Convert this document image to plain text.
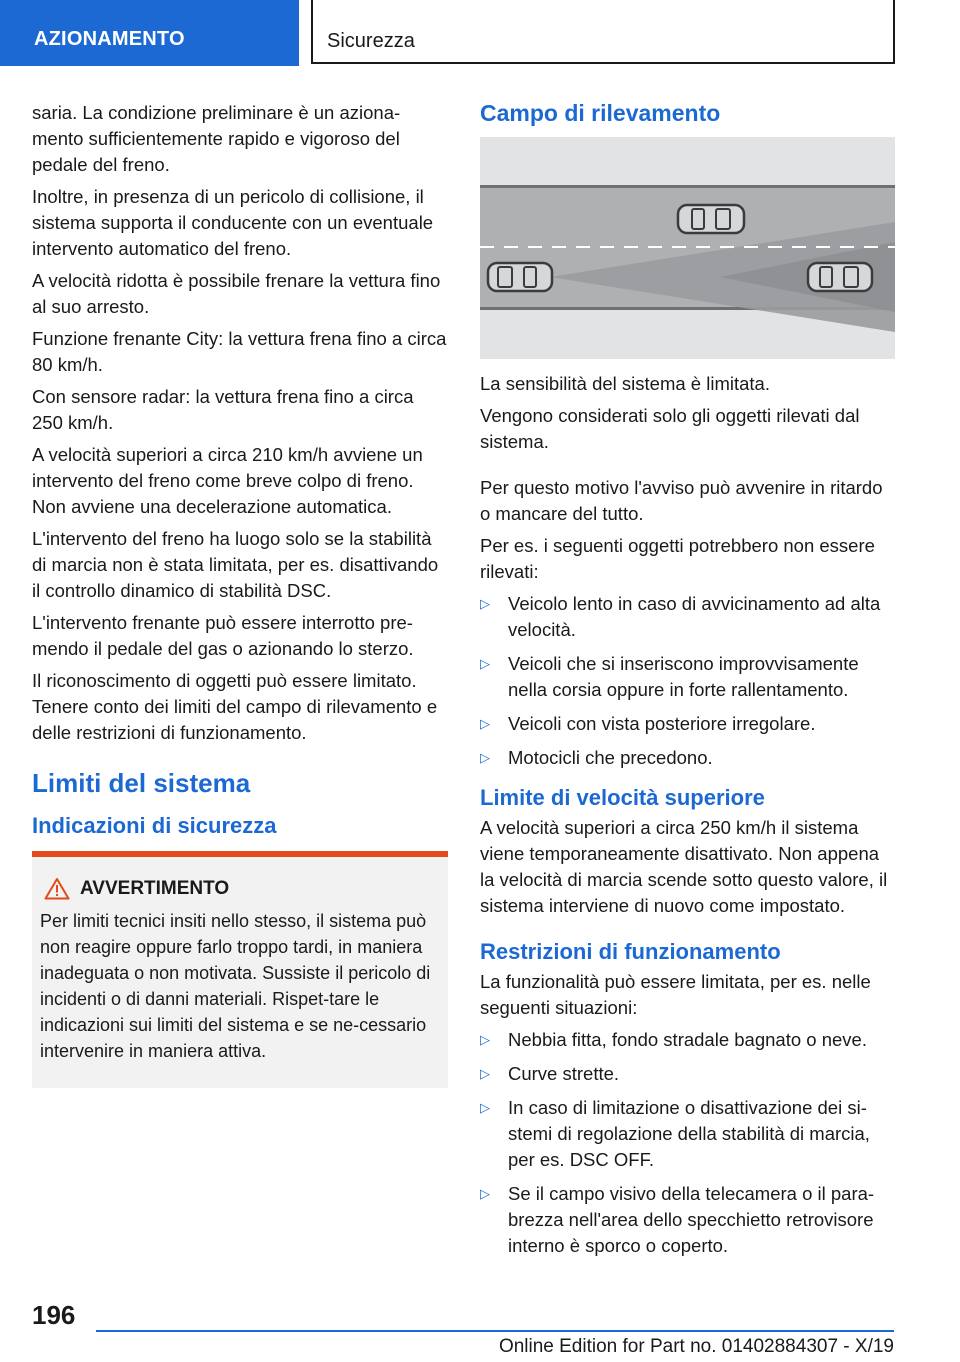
AZIONAMENTO	Sicurezza

saria. La condizione preliminare è un aziona-mento sufficientemente rapido e vigoroso del pedale del freno.

Inoltre, in presenza di un pericolo di collisione, il sistema supporta il conducente con un eventuale intervento automatico del freno.

A velocità ridotta è possibile frenare la vettura fino al suo arresto.

Funzione frenante City: la vettura frena fino a circa 80 km/h.

Con sensore radar: la vettura frena fino a circa 250 km/h.

A velocità superiori a circa 210 km/h avviene un intervento del freno come breve colpo di freno. Non avviene una decelerazione automatica.

L'intervento del freno ha luogo solo se la stabilità di marcia non è stata limitata, per es. disattivando il controllo dinamico di stabilità DSC.

L'intervento frenante può essere interrotto pre-mendo il pedale del gas o azionando lo sterzo.

Il riconoscimento di oggetti può essere limitato. Tenere conto dei limiti del campo di rilevamento e delle restrizioni di funzionamento.

Limiti del sistema
Indicazioni di sicurezza
AVVERTIMENTO

Per limiti tecnici insiti nello stesso, il sistema può non reagire oppure farlo troppo tardi, in maniera inadeguata o non motivata. Sussiste il pericolo di incidenti o di danni materiali. Rispet-tare le indicazioni sui limiti del sistema e se ne-cessario intervenire in maniera attiva.

Campo di rilevamento

La sensibilità del sistema è limitata.

Vengono considerati solo gli oggetti rilevati dal sistema.

Per questo motivo l'avviso può avvenire in ritardo o mancare del tutto.

Per es. i seguenti oggetti potrebbero non essere rilevati:

▷ Veicolo lento in caso di avvicinamento ad alta velocità.
▷ Veicoli che si inseriscono improvvisamente nella corsia oppure in forte rallentamento.
▷ Veicoli con vista posteriore irregolare.
▷ Motocicli che precedono.
Limite di velocità superiore

A velocità superiori a circa 250 km/h il sistema viene temporaneamente disattivato. Non appena la velocità di marcia scende sotto questo valore, il sistema interviene di nuovo come impostato.

Restrizioni di funzionamento

La funzionalità può essere limitata, per es. nelle seguenti situazioni:

▷ Nebbia fitta, fondo stradale bagnato o neve.
▷ Curve strette.
▷ In caso di limitazione o disattivazione dei si-stemi di regolazione della stabilità di marcia, per es. DSC OFF.
▷ Se il campo visivo della telecamera o il para-brezza nell'area dello specchietto retrovisore interno è sporco o coperto.
196
Online Edition for Part no. 01402884307 - X/19
